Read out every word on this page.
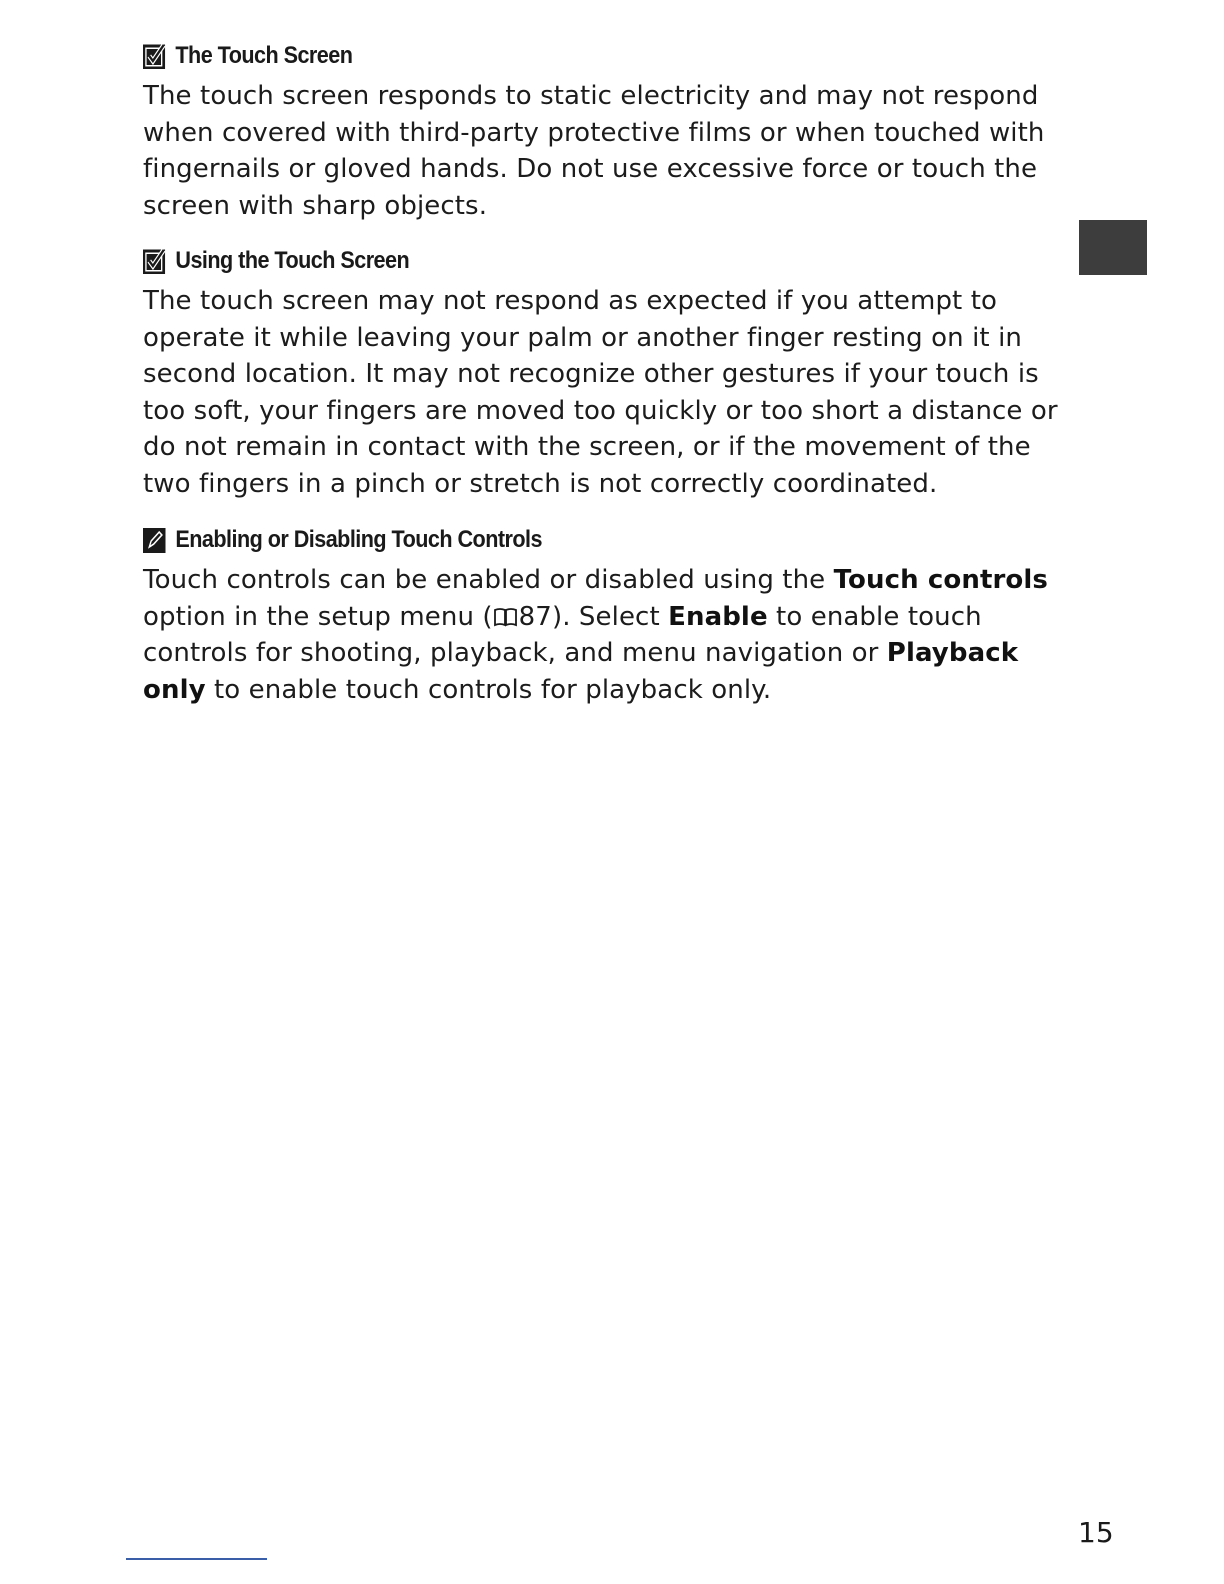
The Touch Screen

The touch screen responds to static electricity and may not respond when covered with third-party protective films or when touched with fingernails or gloved hands. Do not use excessive force or touch the screen with sharp objects.

Using the Touch Screen

The touch screen may not respond as expected if you attempt to operate it while leaving your palm or another finger resting on it in second location. It may not recognize other gestures if your touch is too soft, your fingers are moved too quickly or too short a distance or do not remain in contact with the screen, or if the movement of the two fingers in a pinch or stretch is not correctly coordinated.

Enabling or Disabling Touch Controls

Touch controls can be enabled or disabled using the Touch controls option in the setup menu ( 87). Select Enable to enable touch controls for shooting, playback, and menu navigation or Playback only to enable touch controls for playback only.

15
